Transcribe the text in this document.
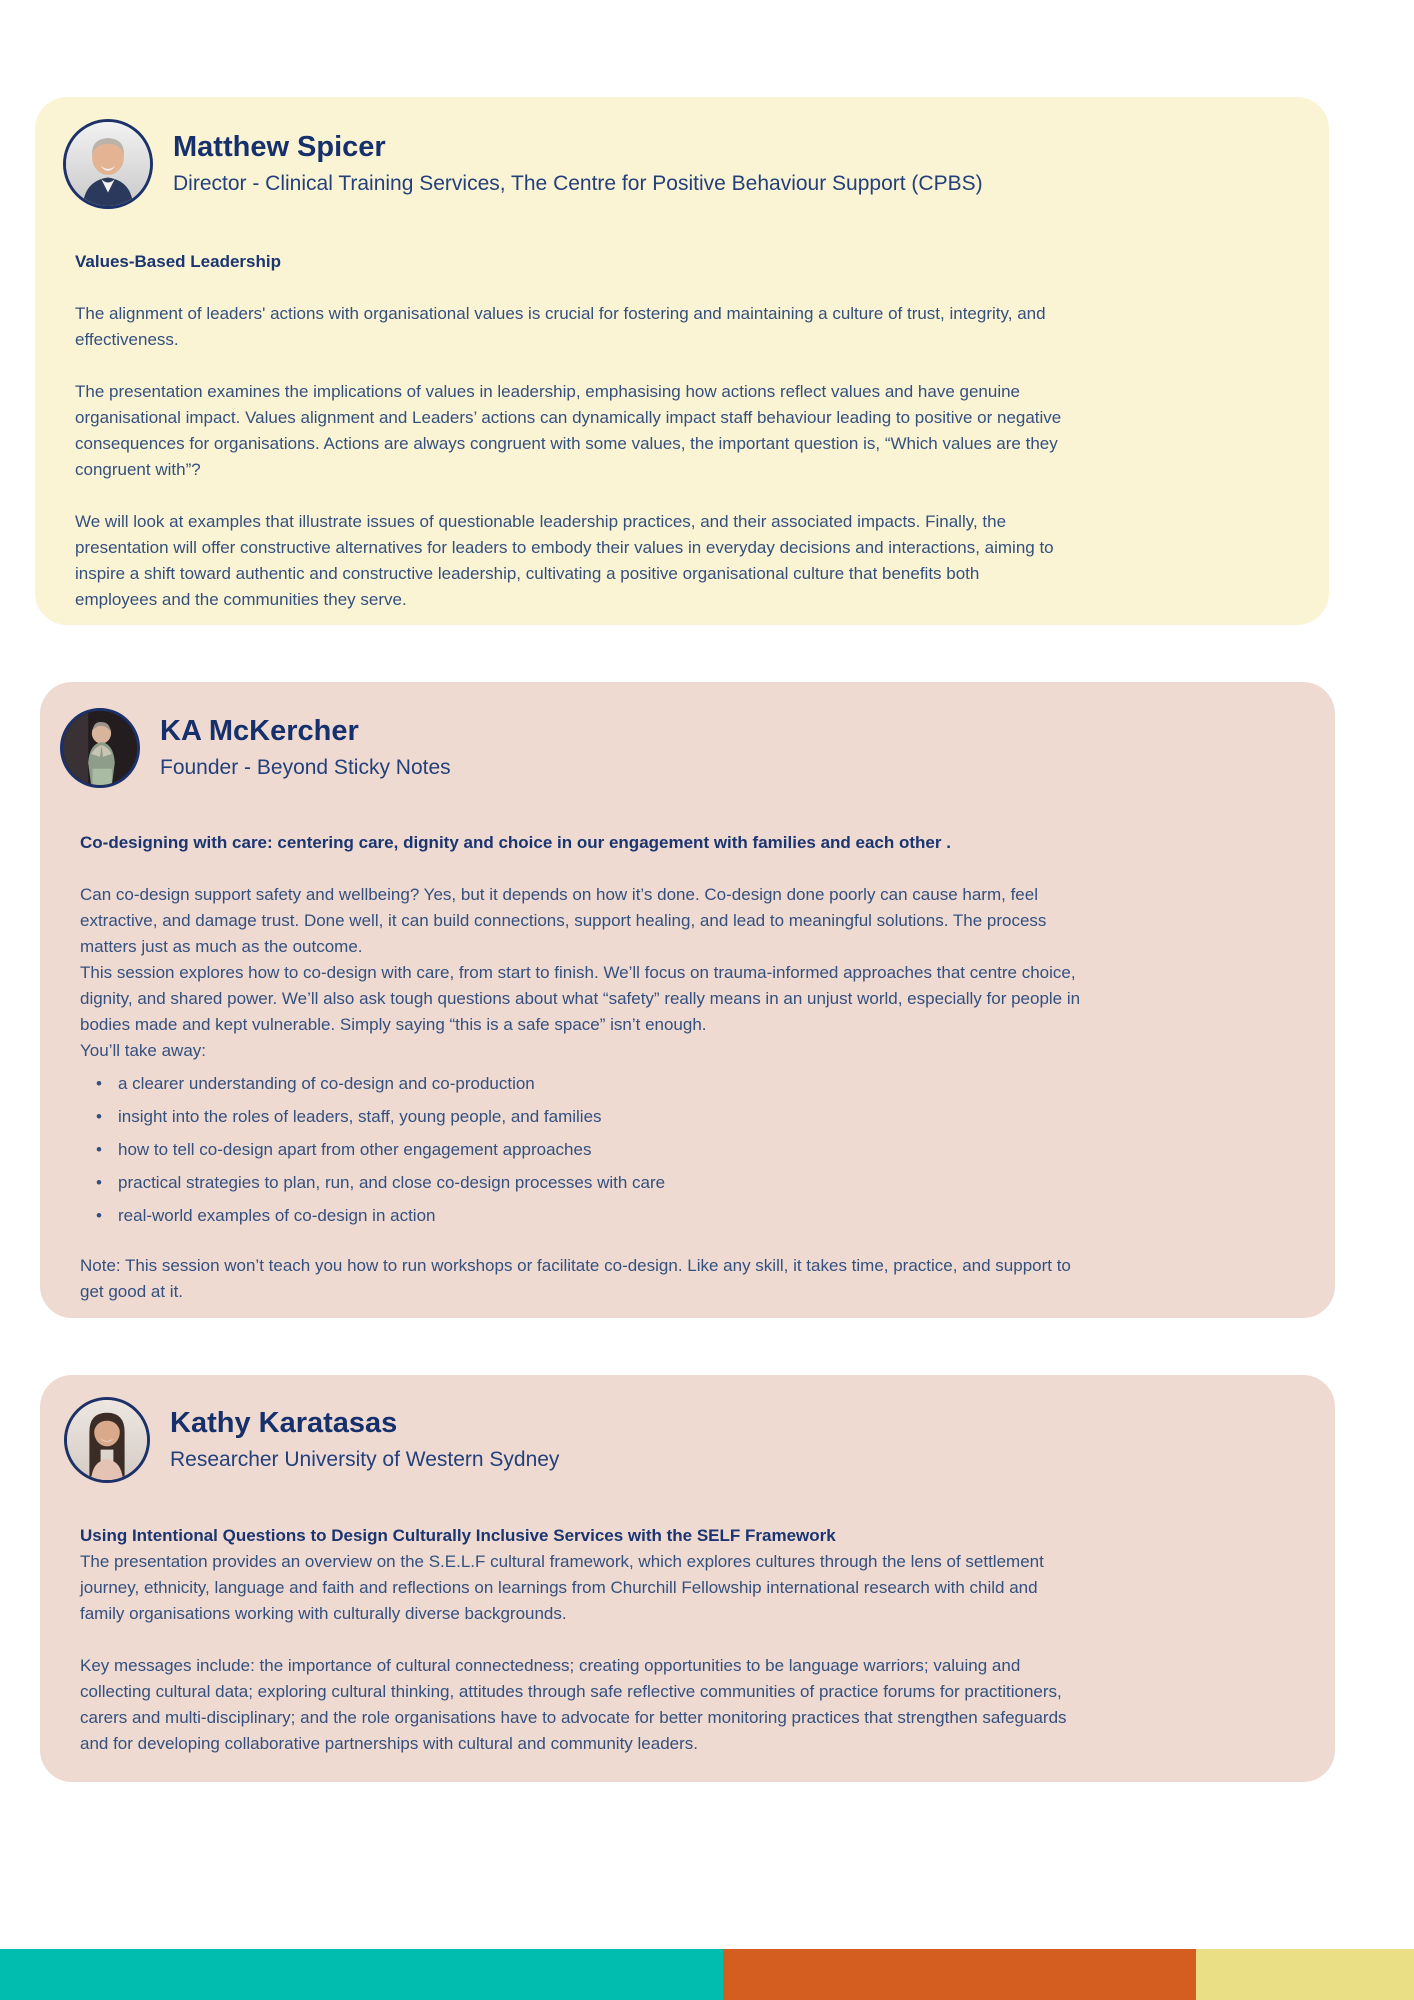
Matthew Spicer
Director - Clinical Training Services, The Centre for Positive Behaviour Support (CPBS)

Values-Based Leadership

The alignment of leaders' actions with organisational values is crucial for fostering and maintaining a culture of trust, integrity, and effectiveness.

The presentation examines the implications of values in leadership, emphasising how actions reflect values and have genuine organisational impact. Values alignment and Leaders’ actions can dynamically impact staff behaviour leading to positive or negative consequences for organisations. Actions are always congruent with some values, the important question is, “Which values are they congruent with”?

We will look at examples that illustrate issues of questionable leadership practices, and their associated impacts. Finally, the presentation will offer constructive alternatives for leaders to embody their values in everyday decisions and interactions, aiming to inspire a shift toward authentic and constructive leadership, cultivating a positive organisational culture that benefits both employees and the communities they serve.

KA McKercher
Founder - Beyond Sticky Notes

Co-designing with care: centering care, dignity and choice in our engagement with families and each other .

Can co-design support safety and wellbeing? Yes, but it depends on how it’s done. Co-design done poorly can cause harm, feel extractive, and damage trust. Done well, it can build connections, support healing, and lead to meaningful solutions. The process matters just as much as the outcome.

This session explores how to co-design with care, from start to finish. We’ll focus on trauma-informed approaches that centre choice, dignity, and shared power. We’ll also ask tough questions about what “safety” really means in an unjust world, especially for people in bodies made and kept vulnerable. Simply saying “this is a safe space” isn’t enough.

You’ll take away:

• a clearer understanding of co-design and co-production
• insight into the roles of leaders, staff, young people, and families
• how to tell co-design apart from other engagement approaches
• practical strategies to plan, run, and close co-design processes with care
• real-world examples of co-design in action

Note: This session won’t teach you how to run workshops or facilitate co-design. Like any skill, it takes time, practice, and support to get good at it.

Kathy Karatasas
Researcher University of Western Sydney

Using Intentional Questions to Design Culturally Inclusive Services with the SELF Framework

The presentation provides an overview on the S.E.L.F cultural framework, which explores cultures through the lens of settlement journey, ethnicity, language and faith and reflections on learnings from Churchill Fellowship international research with child and family organisations working with culturally diverse backgrounds.

Key messages include: the importance of cultural connectedness; creating opportunities to be language warriors; valuing and collecting cultural data; exploring cultural thinking, attitudes through safe reflective communities of practice forums for practitioners, carers and multi-disciplinary; and the role organisations have to advocate for better monitoring practices that strengthen safeguards and for developing collaborative partnerships with cultural and community leaders.
